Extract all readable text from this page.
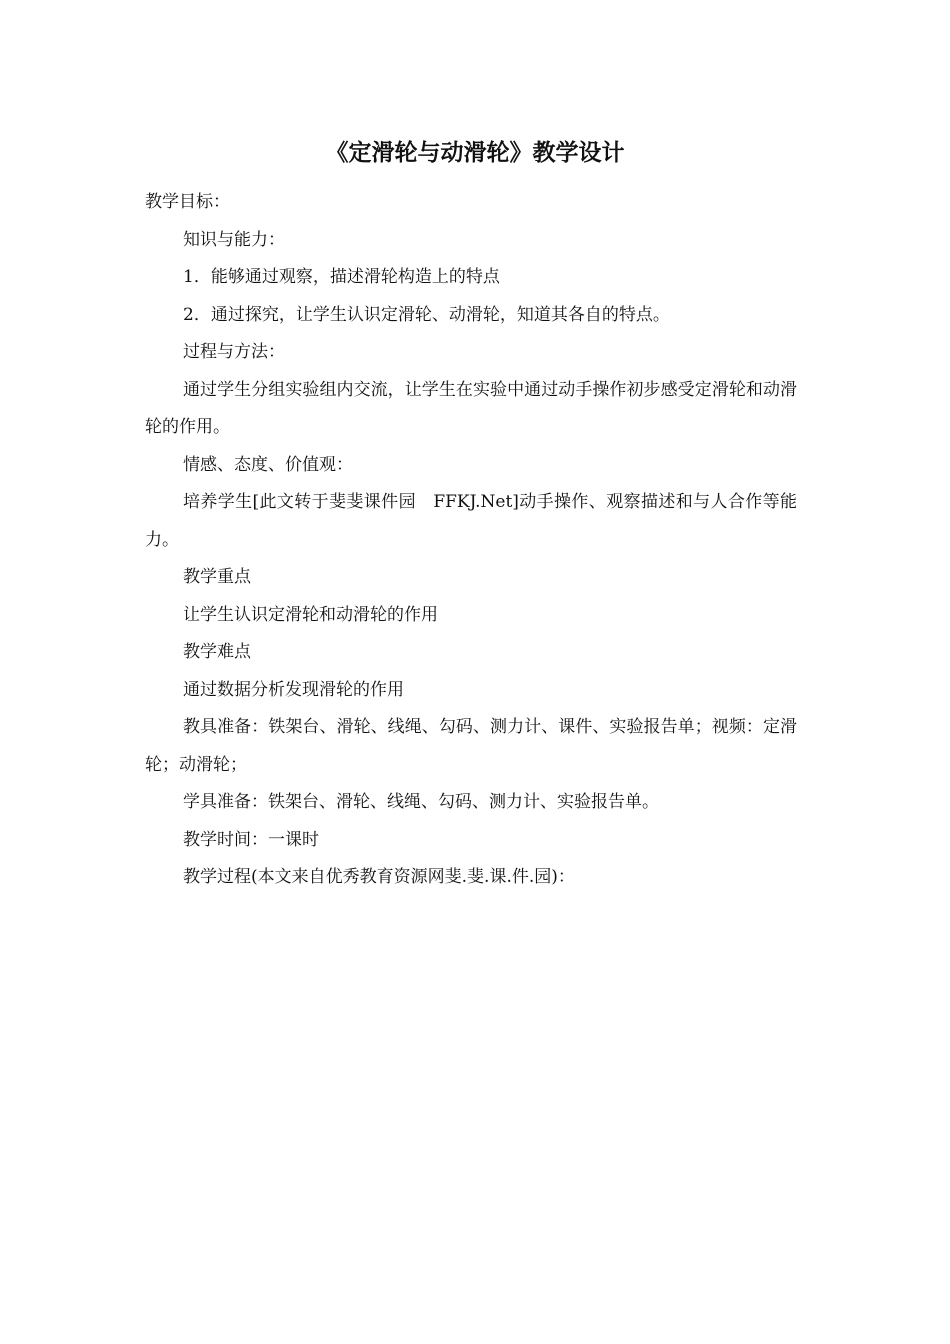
《定滑轮与动滑轮》教学设计

教学目标：

知识与能力：

1．能够通过观察，描述滑轮构造上的特点

2．通过探究，让学生认识定滑轮、动滑轮，知道其各自的特点。

过程与方法：

通过学生分组实验组内交流，让学生在实验中通过动手操作初步感受定滑轮和动滑轮的作用。

情感、态度、价值观：

培养学生[此文转于斐斐课件园　FFKJ.Net]动手操作、观察描述和与人合作等能力。

教学重点

让学生认识定滑轮和动滑轮的作用

教学难点

通过数据分析发现滑轮的作用

教具准备：铁架台、滑轮、线绳、勾码、测力计、课件、实验报告单；视频：定滑轮；动滑轮；

学具准备：铁架台、滑轮、线绳、勾码、测力计、实验报告单。

教学时间：一课时

教学过程(本文来自优秀教育资源网斐.斐.课.件.园)：
